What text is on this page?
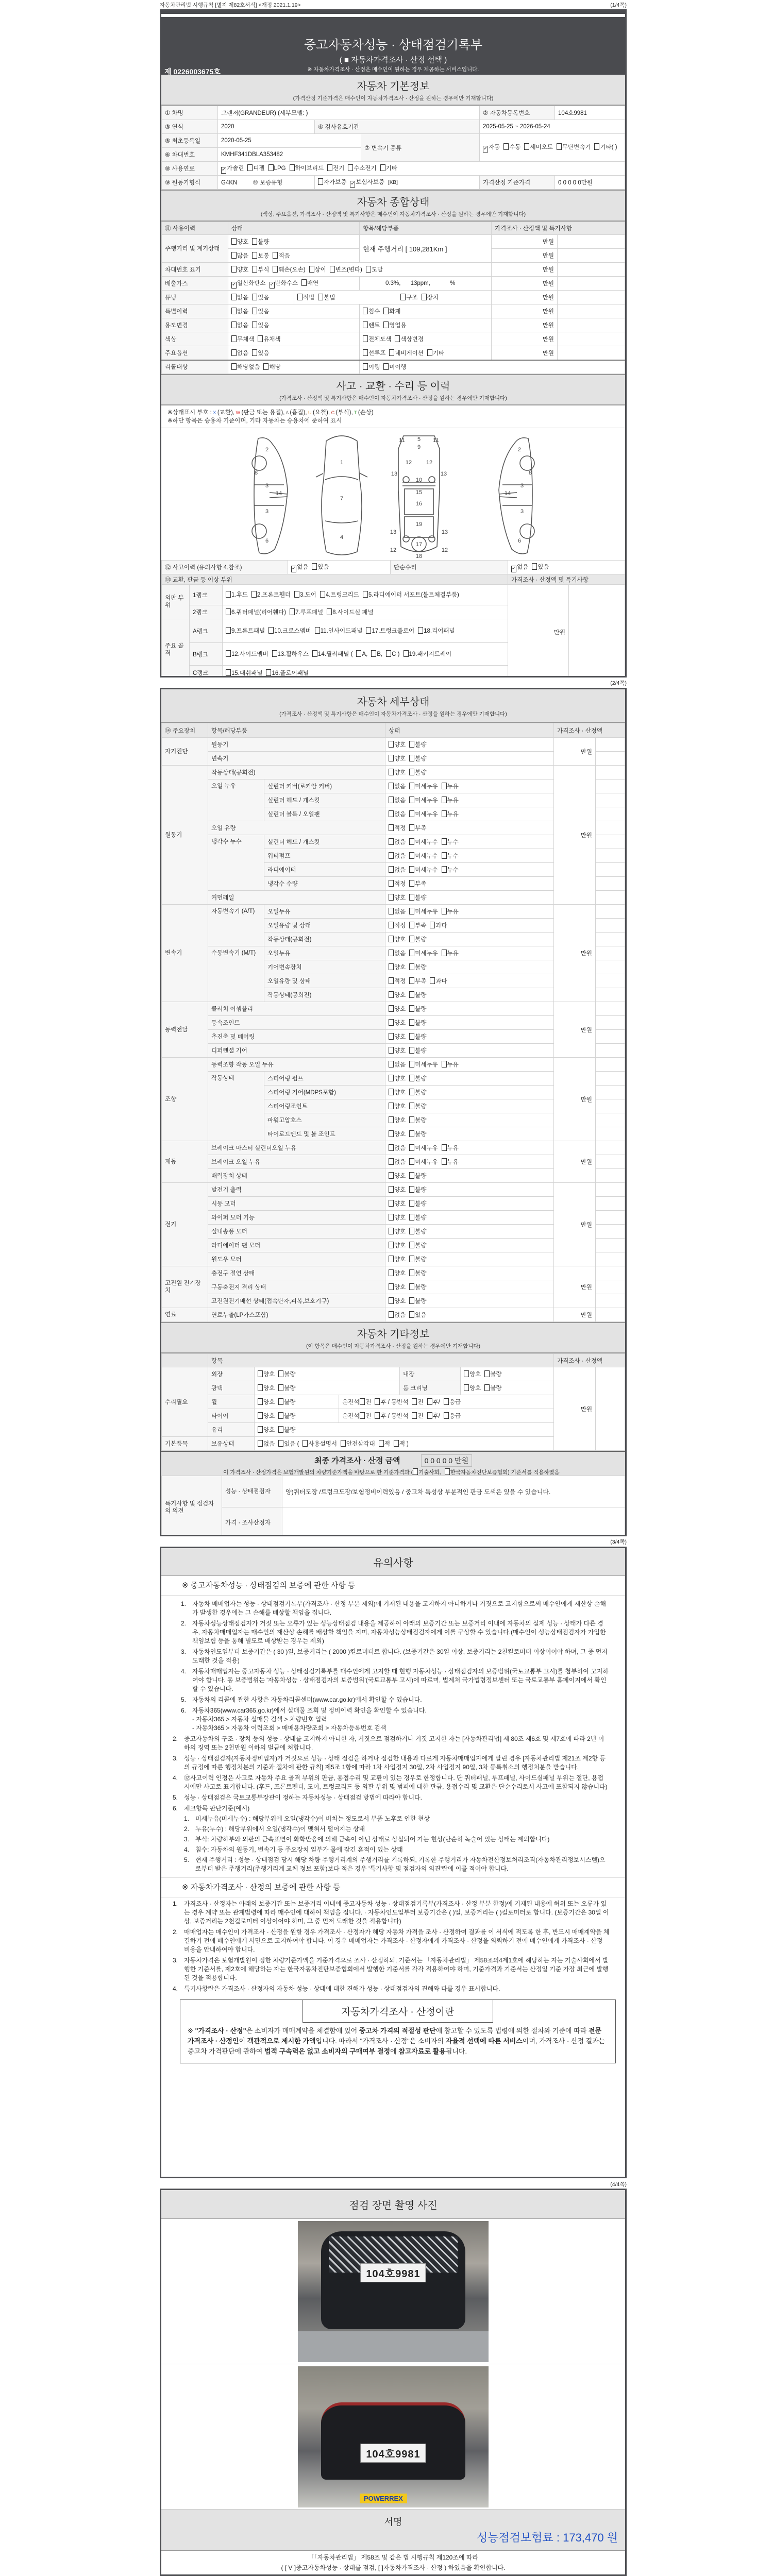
자동차관리법 시행규칙 [별지 제82호서식] <개정 2021.1.19>	(1/4쪽)
중고자동차성능 · 상태점검기록부
( ■ 자동차가격조사 · 산정 선택 )
※ 자동차가격조사 · 산정은 매수인이 원하는 경우 제공하는 서비스입니다.
제 0226003675호
자동차 기본정보
(가격산정 기준가격은 매수인이 자동차가격조사 · 산정을 원하는 경우에만 기재합니다)
① 차명	그랜저(GRANDEUR) (세부모델: )			② 자동차등록번호	104호9981
③ 연식	2020	④ 검사유효기간		2025-05-25 ~ 2026-05-24	
⑤ 최초등록일	2020-05-25		⑦ 변속기 종류	✓ 자동 수동 세미오토 무단변속기 기타( )	
⑥ 차대번호	KMHF341DBLA353482				
⑧ 사용연료	✓ 가솔린 디젤 LPG 하이브리드 전기 수소전기 기타				
⑨ 원동기형식	G4KN ⑩ 보증유형	자가보증 ✓ 보험사보증 [KB]		가격산정 기준가격	0 0 0 0 0만원
자동차 종합상태
(색상, 주요옵션, 가격조사 · 산정액 및 특기사항은 매수인이 자동차가격조사 · 산정을 원하는 경우에만 기재합니다)
⑪ 사용이력	상태		항목/해당부품	가격조사 · 산정액 및 특기사항	
주행거리 및 계기상태	양호 불량		현재 주행거리 [ 109,281Km ]	만원	
	많음 보통 적음			만원	
차대번호 표기	양호 부식 훼손(오손) 상이 변조(변타) 도말			만원	
배출가스	✓ 일산화탄소 ✓ 탄화수소 매연		0.3%,      13ppm,            %	만원	
튜닝	없음 있음	적법 불법 구조 장치		만원	
특별이력	없음 있음		침수 화재	만원	
용도변경	없음 있음		렌트 영업용	만원	
색상	무채색 유채색		전체도색 색상변경	만원	
주요옵션	없음 있음		선루프 네비게이션 기타	만원	
리콜대상	해당없음 해당		이행 미이행		
사고 · 교환 · 수리 등 이력
(가격조사 · 산정액 및 특기사항은 매수인이 자동차가격조사 · 산정을 원하는 경우에만 기재합니다)
※상태표시 부호 : X (교환), W (판금 또는 용접), A (흠집), U (요철), C (부식), T (손상)
※하단 항목은 승용차 기준이며, 기타 자동차는 승용차에 준하여 표시
1
2	2
3
3
3
3
4
5
6	6
7
8	8
9
10
11	11
12	12
12	12
13	13
13	13
14	14
15
16
17
18
19
⑫ 사고이력 (유의사항 4.참조)			✓ 없음 있음	단순수리	✓ 없음 있음	
⑬ 교환, 판금 등 이상 부위					가격조사 · 산정액 및 특기사항	
외판 부위	1랭크	1.후드 2.프론트휀더 3.도어 4.트렁크리드 5.라디에이터 서포트(볼트체결부품)			만원	
	2랭크	6.쿼터패널(리어휀다) 7.루프패널 8.사이드실 패널				
주요 골격	A랭크	9.프론트패널 10.크로스멤버 11.인사이드패널 17.트렁크플로어 18.리어패널				
	B랭크	12.사이드멤버 13.휠하우스 14.필러패널 ( A, B, C ) 19.패키지트레이				
	C랭크	15.대쉬패널 16.플로어패널				
(2/4쪽)
자동차 세부상태
(가격조사 · 산정액 및 특기사항은 매수인이 자동차가격조사 · 산정을 원하는 경우에만 기재합니다)
⑭ 주요장치	항목/해당부품		상태	가격조사 · 산정액	
자기진단	원동기		양호 불량	만원	
	변속기		양호 불량		
원동기	작동상태(공회전)		양호 불량	만원	
	오일 누유	실린더 커버(로커암 커버)	없음 미세누유 누유		
		실린더 헤드 / 개스킷	없음 미세누유 누유		
		실린더 블록 / 오일팬	없음 미세누유 누유		
	오일 유량		적정 부족		
	냉각수 누수	실린더 헤드 / 개스킷	없음 미세누수 누수		
		워터펌프	없음 미세누수 누수		
		라디에이터	없음 미세누수 누수		
		냉각수 수량	적정 부족		
	커먼레일		양호 불량		
변속기	자동변속기 (A/T)	오일누유	없음 미세누유 누유	만원	
		오일유량 및 상태	적정 부족 과다		
		작동상태(공회전)	양호 불량		
	수동변속기 (M/T)	오일누유	없음 미세누유 누유		
		기어변속장치	양호 불량		
		오일유량 및 상태	적정 부족 과다		
		작동상태(공회전)	양호 불량		
동력전달	클러치 어셈블리		양호 불량	만원	
	등속조인트		양호 불량		
	추진축 및 베어링		양호 불량		
	디퍼렌셜 기어		양호 불량		
조향	동력조향 작동 오일 누유		없음 미세누유 누유	만원	
	작동상태	스티어링 펌프	양호 불량		
		스티어링 기어(MDPS포함)	양호 불량		
		스티어링조인트	양호 불량		
		파워고압호스	양호 불량		
		타이로드엔드 및 볼 조인트	양호 불량		
제동	브레이크 마스터 실린더오일 누유		없음 미세누유 누유	만원	
	브레이크 오일 누유		없음 미세누유 누유		
	배력장치 상태		양호 불량		
전기	발전기 출력		양호 불량	만원	
	시동 모터		양호 불량		
	와이퍼 모터 기능		양호 불량		
	실내송풍 모터		양호 불량		
	라디에이터 팬 모터		양호 불량		
	윈도우 모터		양호 불량		
고전원 전기장치	충전구 절연 상태		양호 불량	만원	
	구동축전지 격리 상태		양호 불량		
	고전원전기배선 상태(접속단자,피복,보호기구)		양호 불량		
연료	연료누출(LP가스포함)		없음 있음	만원	
자동차 기타정보
(이 항목은 매수인이 자동차가격조사 · 산정을 원하는 경우에만 기재합니다)
	항목					가격조사 · 산정액	
수리필요	외장	양호 불량		내장	양호 불량	만원	
	광택	양호 불량		룸 크리닝	양호 불량		
	휠	양호 불량	운전석 전 후 / 동반석 전 후/ 응급				
	타이어	양호 불량	운전석 전 후 / 동반석 전 후/ 응급				
	유리	양호 불량					
기본품목	보유상태	없음 있음 ( 사용설명서 안전삼각대 잭 잭 )					
최종 가격조사 · 산정 금액	0 0 0 0 0 만원
이 가격조사 · 산정가격은 보험개발원의 차량기준가액을 바탕으로 한 기준가격과 ( 기술사회, 한국자동차진단보증협회) 기준서를 적용하였음
특기사항 및 점검자의 의견	성능 · 상태점검자	양)쿼터도장 /트렁크도장/보험정비이력있음 / 중고차 특성상 부분적인 판금 도색은 있을 수 있습니다.
	가격 · 조사산정자	
(3/4쪽)
유의사항
※ 중고자동차성능 · 상태점검의 보증에 관한 사항 등
1. 자동차 매매업자는 성능 · 상태점검기록부(가격조사 · 산정 부분 제외)에 기재된 내용을 고지하지 아니하거나 거짓으로 고지함으로써 매수인에게 재산상 손해가 발생한 경우에는 그 손해를 배상할 책임을 집니다.
2. 자동차성능상태점검자가 거짓 또는 오류가 있는 성능상태점검 내용을 제공하여 아래의 보증기간 또는 보증거리 이내에 자동차의 실제 성능 · 상태가 다른 경우, 자동차매매업자는 매수인의 재산상 손해를 배상할 책임을 지며, 자동차성능상태점검자에게 이를 구상할 수 있습니다.(매수인이 성능상태점검자가 가입한 책임보험 등을 통해 별도로 배상받는 경우는 제외)
3. 자동차인도일부터 보증기간은 ( 30 )일, 보증거리는 ( 2000 )킬로미터로 합니다. (보증기간은 30일 이상, 보증거리는 2천킬로미터 이상이어야 하며, 그 중 먼저 도래한 것을 적용)
4. 자동차매매업자는 중고자동차 성능 · 상태점검기록부를 매수인에게 고지할 때 현행 자동차성능 · 상태점검자의 보증범위(국토교통부 고시)를 첨부하여 고지하여야 합니다. 동 보증범위는 '자동차성능 · 상태점검자의 보증범위'(국토교통부 고시)에 따르며, 법제처 국가법령정보센터 또는 국토교통부 홈페이지에서 확인할 수 있습니다.
5. 자동차의 리콜에 관한 사항은 자동차리콜센터(www.car.go.kr)에서 확인할 수 있습니다.
6. 자동차365(www.car365.go.kr)에서 실매물 조회 및 정비이력 확인을 확인할 수 있습니다.
- 자동차365 > 자동차 실매물 검색 > 차량번호 입력
- 자동차365 > 자동차 이력조회 > 매매용차량조회 > 자동차등록번호 검색
2. 중고자동차의 구조 · 장치 등의 성능 · 상태를 고지하지 아니한 자, 거짓으로 점검하거나 거짓 고지한 자는 [자동차관리법] 제 80조 제6호 및 제7호에 따라 2년 이하의 징역 또는 2천만원 이하의 벌금에 처합니다.
3. 성능 · 상태점검자(자동차정비업자)가 거짓으로 성능 · 상태 점검을 하거나 점검한 내용과 다르게 자동차매매업자에게 알린 경우 [자동차관리법 제21조 제2항 등의 규정에 따른 행정처분의 기준과 절차에 관한 규칙] 제5조 1항에 따라 1차 사업정지 30일, 2차 사업정지 90일, 3차 등록취소의 행정처분을 받습니다.
4. ⑫사고이력 인정은 사고로 자동차 주요 골격 부위의 판금, 용접수리 및 교환이 있는 경우로 한정합니다. 단 쿼터패널, 루프패널, 사이드실패널 부위는 절단, 용접 시에만 사고로 표기합니다. (후드, 프론트펜더, 도어, 트렁크리드 등 외판 부위 및 범퍼에 대한 판금, 용접수리 및 교환은 단순수리로서 사고에 포함되지 않습니다)
5. 성능 · 상태점검은 국토교통부장관이 정하는 자동차성능 · 상태점검 방법에 따라야 합니다.
6. 체크항목 판단기준(예시)
1. 미세누유(미세누수) : 해당부위에 오일(냉각수)이 비치는 정도로서 부품 노후로 인한 현상
2. 누유(누수) : 해당부위에서 오일(냉각수)이 맺혀서 떨어지는 상태
3. 부식: 차량하부와 외판의 금속표면이 화학반응에 의해 금속이 아닌 상태로 상실되어 가는 현상(단순히 녹슬어 있는 상태는 제외합니다)
4. 침수: 자동차의 원동기, 변속기 등 주요장치 일부가 물에 잠긴 흔적이 있는 상태
5. 현재 주행거리 : 성능 · 상태점검 당시 해당 차량 주행거리계의 주행거리를 기록하되, 기록한 주행거리가 자동차전산정보처리조직(자동차관리정보시스템)으로부터 받은 주행거리(주행거리계 교체 정보 포함)보다 적은 경우 '특기사항 및 점검자의 의견'란에 이를 적어야 합니다.
※ 자동차가격조사 · 산정의 보증에 관한 사항 등
1. 가격조사 · 산정자는 아래의 보증기간 또는 보증거리 이내에 중고자동차 성능 · 상태점검기록부(가격조사 · 산정 부분 한정)에 기재된 내용에 허위 또는 오류가 있는 경우 계약 또는 관계법령에 따라 매수인에 대하여 책임을 집니다. · 자동차인도일부터 보증기간은 ( )일, 보증거리는 ( )킬로미터로 합니다. (보증기간은 30일 이상, 보증거리는 2천킬로미터 이상이어야 하며, 그 중 먼저 도래한 것을 적용합니다)
2. 매매업자는 매수인이 가격조사 · 산정을 원할 경우 가격조사 · 산정자가 해당 자동차 가격을 조사 · 산정하여 결과를 이 서식에 적도록 한 후, 반드시 매매계약을 체결하기 전에 매수인에게 서면으로 고지하여야 합니다. 이 경우 매매업자는 가격조사 · 산정자에게 가격조사 · 산정을 의뢰하기 전에 매수인에게 가격조사 · 산정 비용을 안내하여야 합니다.
3. 자동차가격은 보험개발원이 정한 차량기준가액을 기준가격으로 조사 · 산정하되, 기준서는 「자동차관리법」 제58조의4제1호에 해당하는 자는 기술사회에서 발행한 기준서를, 제2호에 해당하는 자는 한국자동차진단보증협회에서 발행한 기준서를 각각 적용하여야 하며, 기준가격과 기준서는 산정일 기준 가장 최근에 발행된 것을 적용합니다.
4. 특기사항란은 가격조사 · 산정자의 자동차 성능 · 상태에 대한 견해가 성능 · 상태점검자의 견해와 다를 경우 표시합니다.
자동차가격조사 · 산정이란

※ "가격조사 · 산정"은 소비자가 매매계약을 체결함에 있어 중고차 가격의 적절성 판단에 참고할 수 있도록 법령에 의한 절차와 기준에 따라 전문 가격조사 · 산정인이 객관적으로 제시한 가액입니다. 따라서 "가격조사 · 산정"은 소비자의 자율적 선택에 따른 서비스이며, 가격조사 · 산정 결과는 중고차 가격판단에 관하여 법적 구속력은 없고 소비자의 구매여부 결정에 참고자료로 활용됩니다.

(4/4쪽)
점검 장면 촬영 사진
104호9981
104호9981
POWERREX
서명
성능점검보험료 : 173,470 원
「「자동차관리법」 제58조 및 같은 법 시행규칙 제120조에 따라
( [ V ]중고자동차성능 · 상태를 점검, [ ]자동차가격조사 · 산정 ) 하였음을 확인합니다.
